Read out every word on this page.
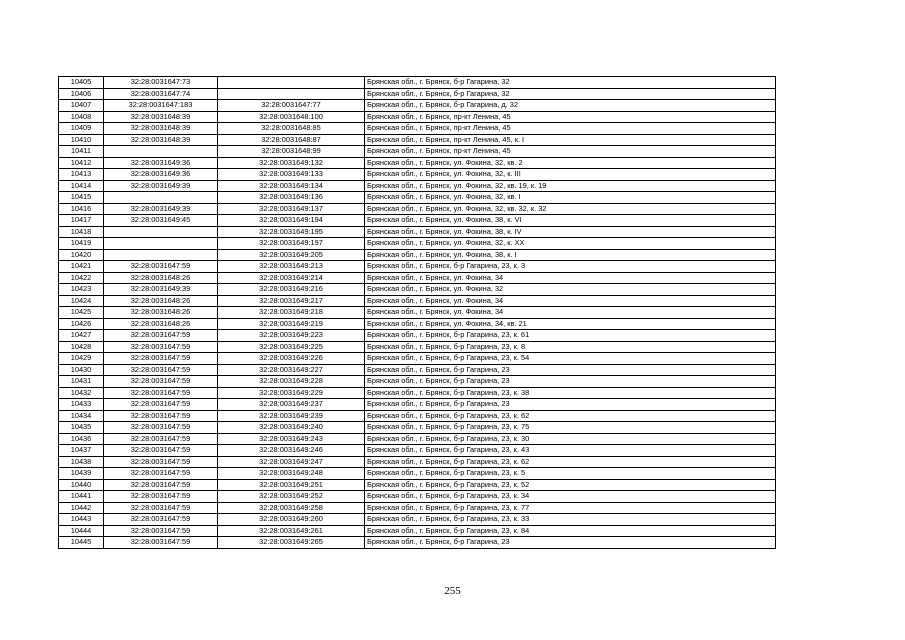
10405	32:28:0031647:73		Брянская обл., г. Брянск, б-р Гагарина, 32
10406	32:28:0031647:74		Брянская обл., г. Брянск, б-р Гагарина, 32
10407	32:28:0031647:183	32:28:0031647:77	Брянская обл., г. Брянск, б-р Гагарина, д. 32
10408	32:28:0031648:39	32:28:0031648:100	Брянская обл., г. Брянск, пр-кт Ленина, 45
10409	32:28:0031648:39	32:28:0031648:85	Брянская обл., г. Брянск, пр-кт Ленина, 45
10410	32:28:0031648:39	32:28:0031648:87	Брянская обл., г. Брянск, пр-кт Ленина, 45, к. I
10411		32:28:0031648:99	Брянская обл., г. Брянск, пр-кт Ленина, 45
10412	32:28:0031649:36	32:28:0031649:132	Брянская обл., г. Брянск, ул. Фокина, 32, кв. 2
10413	32:28:0031649:36	32:28:0031649:133	Брянская обл., г. Брянск, ул. Фокина, 32, к. III
10414	32:28:0031649:39	32:28:0031649:134	Брянская обл., г. Брянск, ул. Фокина, 32, кв. 19, к. 19
10415		32:28:0031649:136	Брянская обл., г. Брянск, ул. Фокина, 32, кв. I
10416	32:28:0031649:39	32:28:0031649:137	Брянская обл., г. Брянск, ул. Фокина, 32, кв. 32, к. 32
10417	32:28:0031649:45	32:28:0031649:194	Брянская обл., г. Брянск, ул. Фокина, 38, к. VI
10418		32:28:0031649:195	Брянская обл., г. Брянск, ул. Фокина, 38, к. IV
10419		32:28:0031649:197	Брянская обл., г. Брянск, ул. Фокина, 32, к. XX
10420		32:28:0031649:205	Брянская обл., г. Брянск, ул. Фокина, 38, к. I
10421	32:28:0031647:59	32:28:0031649:213	Брянская обл., г. Брянск, б-р Гагарина, 23, к. 3
10422	32:28:0031648:26	32:28:0031649:214	Брянская обл., г. Брянск, ул. Фокина, 34
10423	32:28:0031649:39	32:28:0031649:216	Брянская обл., г. Брянск, ул. Фокина, 32
10424	32:28:0031648:26	32:28:0031649:217	Брянская обл., г. Брянск, ул. Фокина, 34
10425	32:28:0031648:26	32:28:0031649:218	Брянская обл., г. Брянск, ул. Фокина, 34
10426	32:28:0031648:26	32:28:0031649:219	Брянская обл., г. Брянск, ул. Фокина, 34, кв. 21
10427	32:28:0031647:59	32:28:0031649:223	Брянская обл., г. Брянск, б-р Гагарина, 23, к. 61
10428	32:28:0031647:59	32:28:0031649:225	Брянская обл., г. Брянск, б-р Гагарина, 23, к. 8
10429	32:28:0031647:59	32:28:0031649:226	Брянская обл., г. Брянск, б-р Гагарина, 23, к. 54
10430	32:28:0031647:59	32:28:0031649:227	Брянская обл., г. Брянск, б-р Гагарина, 23
10431	32:28:0031647:59	32:28:0031649:228	Брянская обл., г. Брянск, б-р Гагарина, 23
10432	32:28:0031647:59	32:28:0031649:229	Брянская обл., г. Брянск, б-р Гагарина, 23, к. 38
10433	32:28:0031647:59	32:28:0031649:237	Брянская обл., г. Брянск, б-р Гагарина, 23
10434	32:28:0031647:59	32:28:0031649:239	Брянская обл., г. Брянск, б-р Гагарина, 23, к. 62
10435	32:28:0031647:59	32:28:0031649:240	Брянская обл., г. Брянск, б-р Гагарина, 23, к. 75
10436	32:28:0031647:59	32:28:0031649:243	Брянская обл., г. Брянск, б-р Гагарина, 23, к. 30
10437	32:28:0031647:59	32:28:0031649:246	Брянская обл., г. Брянск, б-р Гагарина, 23, к. 43
10438	32:28:0031647:59	32:28:0031649:247	Брянская обл., г. Брянск, б-р Гагарина, 23, к. 62
10439	32:28:0031647:59	32:28:0031649:248	Брянская обл., г. Брянск, б-р Гагарина, 23, к. 5
10440	32:28:0031647:59	32:28:0031649:251	Брянская обл., г. Брянск, б-р Гагарина, 23, к. 52
10441	32:28:0031647:59	32:28:0031649:252	Брянская обл., г. Брянск, б-р Гагарина, 23, к. 34
10442	32:28:0031647:59	32:28:0031649:258	Брянская обл., г. Брянск, б-р Гагарина, 23, к. 77
10443	32:28:0031647:59	32:28:0031649:260	Брянская обл., г. Брянск, б-р Гагарина, 23, к. 33
10444	32:28:0031647:59	32:28:0031649:261	Брянская обл., г. Брянск, б-р Гагарина, 23, к. 84
10445	32:28:0031647:59	32:28:0031649:265	Брянская обл., г. Брянск, б-р Гагарина, 23
255
